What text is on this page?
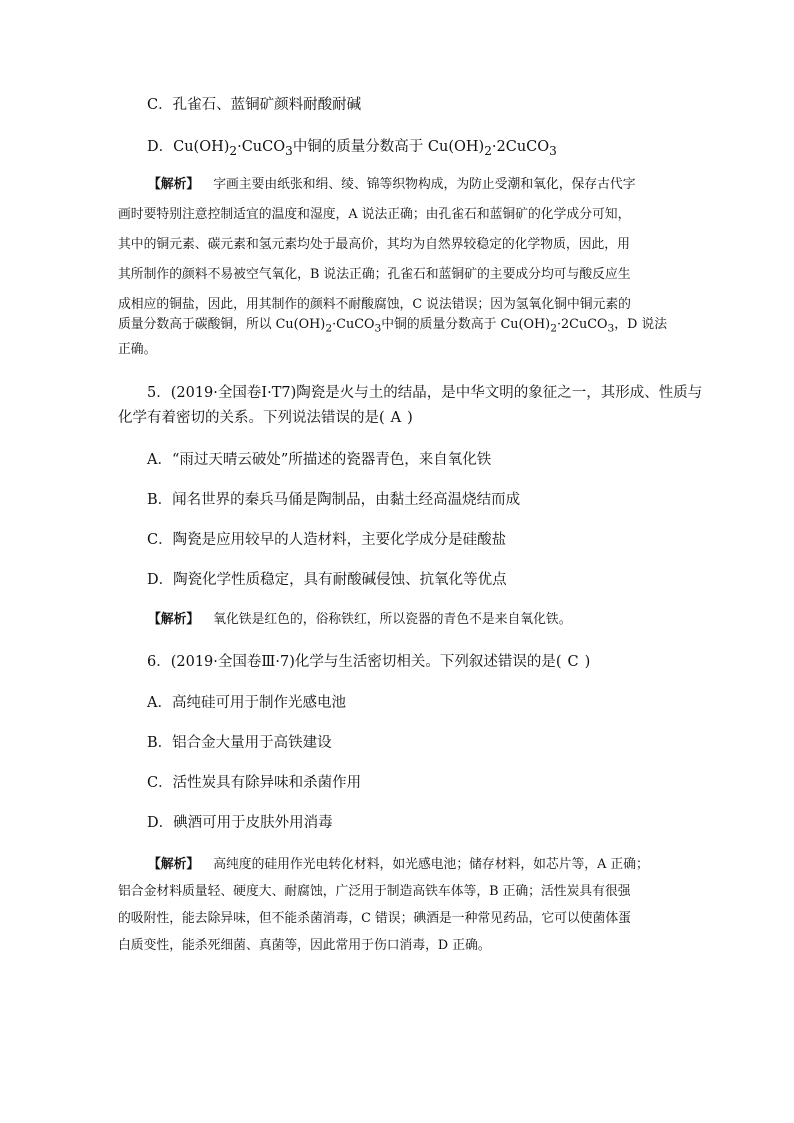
C．孔雀石、蓝铜矿颜料耐酸耐碱
D．$Cu(OH)_2\cdot CuCO_3$中铜的质量分数高于 $Cu(OH)_2\cdot 2CuCO_3$
【解析】 字画主要由纸张和绢、绫、锦等织物构成，为防止受潮和氧化，保存古代字
画时要特别注意控制适宜的温度和湿度，A 说法正确；由孔雀石和蓝铜矿的化学成分可知，
其中的铜元素、碳元素和氢元素均处于最高价，其均为自然界较稳定的化学物质，因此，用
其所制作的颜料不易被空气氧化，B 说法正确；孔雀石和蓝铜矿的主要成分均可与酸反应生
成相应的铜盐，因此，用其制作的颜料不耐酸腐蚀，C 说法错误；因为氢氧化铜中铜元素的
质量分数高于碳酸铜，所以 $Cu(OH)_2\cdot CuCO_3$中铜的质量分数高于 $Cu(OH)_2\cdot 2CuCO_3$，D 说法
正确。
5．(2019·全国卷Ⅰ·T7)陶瓷是火与土的结晶，是中华文明的象征之一，其形成、性质与
化学有着密切的关系。下列说法错误的是( A )
A．“雨过天晴云破处”所描述的瓷器青色，来自氧化铁
B．闻名世界的秦兵马俑是陶制品，由黏土经高温烧结而成
C．陶瓷是应用较早的人造材料，主要化学成分是硅酸盐
D．陶瓷化学性质稳定，具有耐酸碱侵蚀、抗氧化等优点
【解析】 氧化铁是红色的，俗称铁红，所以瓷器的青色不是来自氧化铁。
6．(2019·全国卷Ⅲ·7)化学与生活密切相关。下列叙述错误的是( C )
A．高纯硅可用于制作光感电池
B．铝合金大量用于高铁建设
C．活性炭具有除异味和杀菌作用
D．碘酒可用于皮肤外用消毒
【解析】 高纯度的硅用作光电转化材料，如光感电池；储存材料，如芯片等，A 正确；
铝合金材料质量轻、硬度大、耐腐蚀，广泛用于制造高铁车体等，B 正确；活性炭具有很强
的吸附性，能去除异味，但不能杀菌消毒，C 错误；碘酒是一种常见药品，它可以使菌体蛋
白质变性，能杀死细菌、真菌等，因此常用于伤口消毒，D 正确。
